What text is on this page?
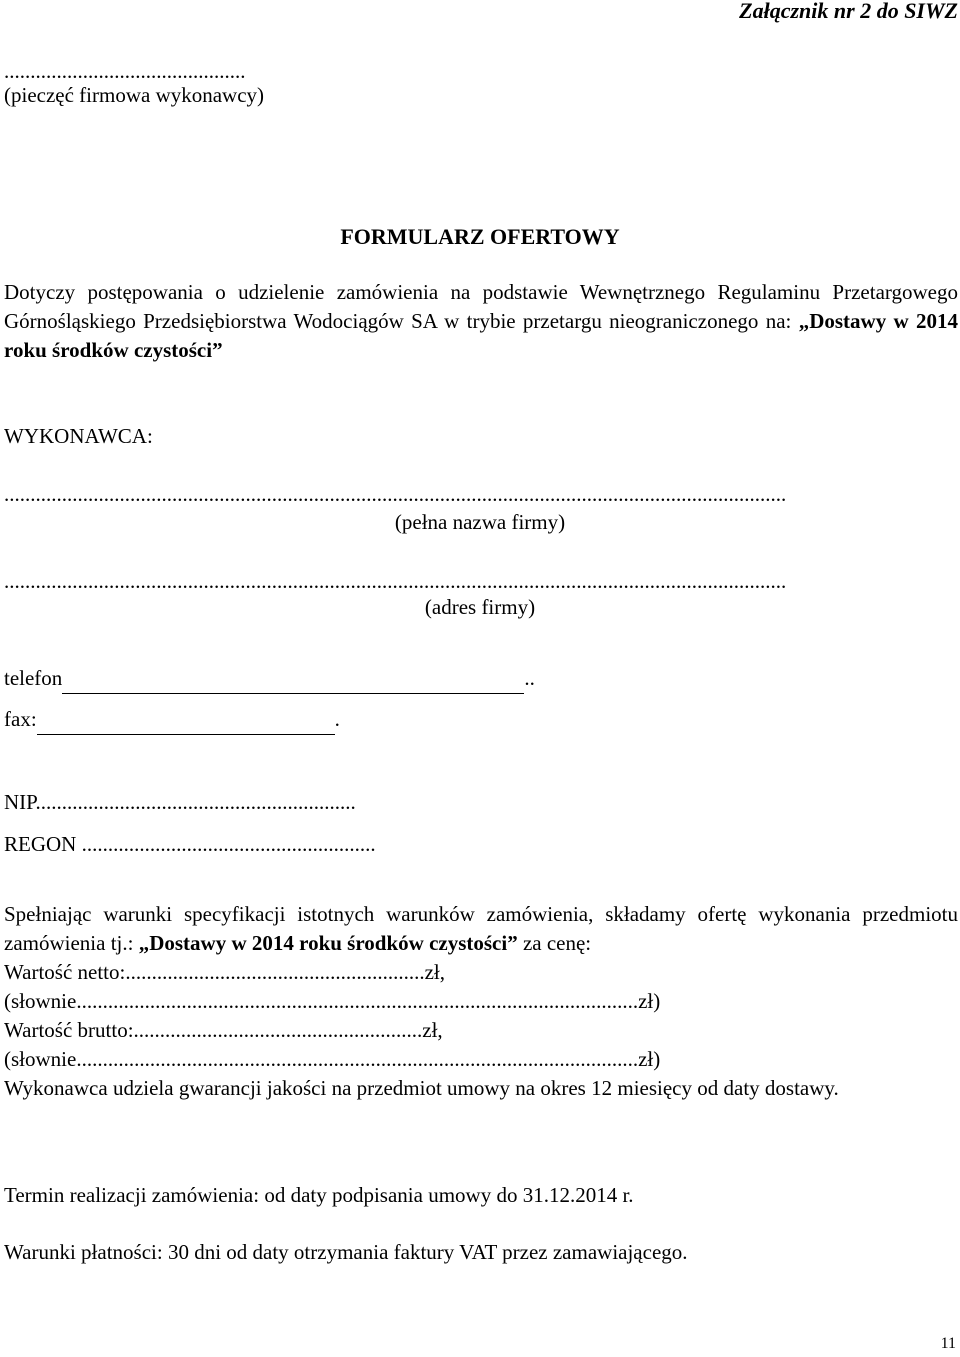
Załącznik nr 2 do SIWZ
..............................................
(pieczęć firmowa wykonawcy)
FORMULARZ OFERTOWY
Dotyczy postępowania o udzielenie zamówienia na podstawie Wewnętrznego Regulaminu Przetargowego Górnośląskiego Przedsiębiorstwa Wodociągów SA w trybie przetargu nieograniczonego na: „Dostawy w 2014 roku środków czystości”
WYKONAWCA:
.....................................................................................................................................................
(pełna nazwa firmy)
.....................................................................................................................................................
(adres firmy)
telefon	..
fax:	.
NIP.............................................................
REGON ........................................................
Spełniając warunki specyfikacji istotnych warunków zamówienia, składamy ofertę wykonania przedmiotu zamówienia tj.: „Dostawy w 2014 roku środków czystości” za cenę:
Wartość netto:.........................................................zł,
(słownie...........................................................................................................zł)
Wartość brutto:.......................................................zł,
(słownie...........................................................................................................zł)
Wykonawca udziela gwarancji jakości na przedmiot umowy na okres 12 miesięcy od daty dostawy.
Termin realizacji zamówienia: od daty podpisania umowy do 31.12.2014 r.
Warunki płatności: 30 dni od daty otrzymania faktury VAT przez zamawiającego.
11
